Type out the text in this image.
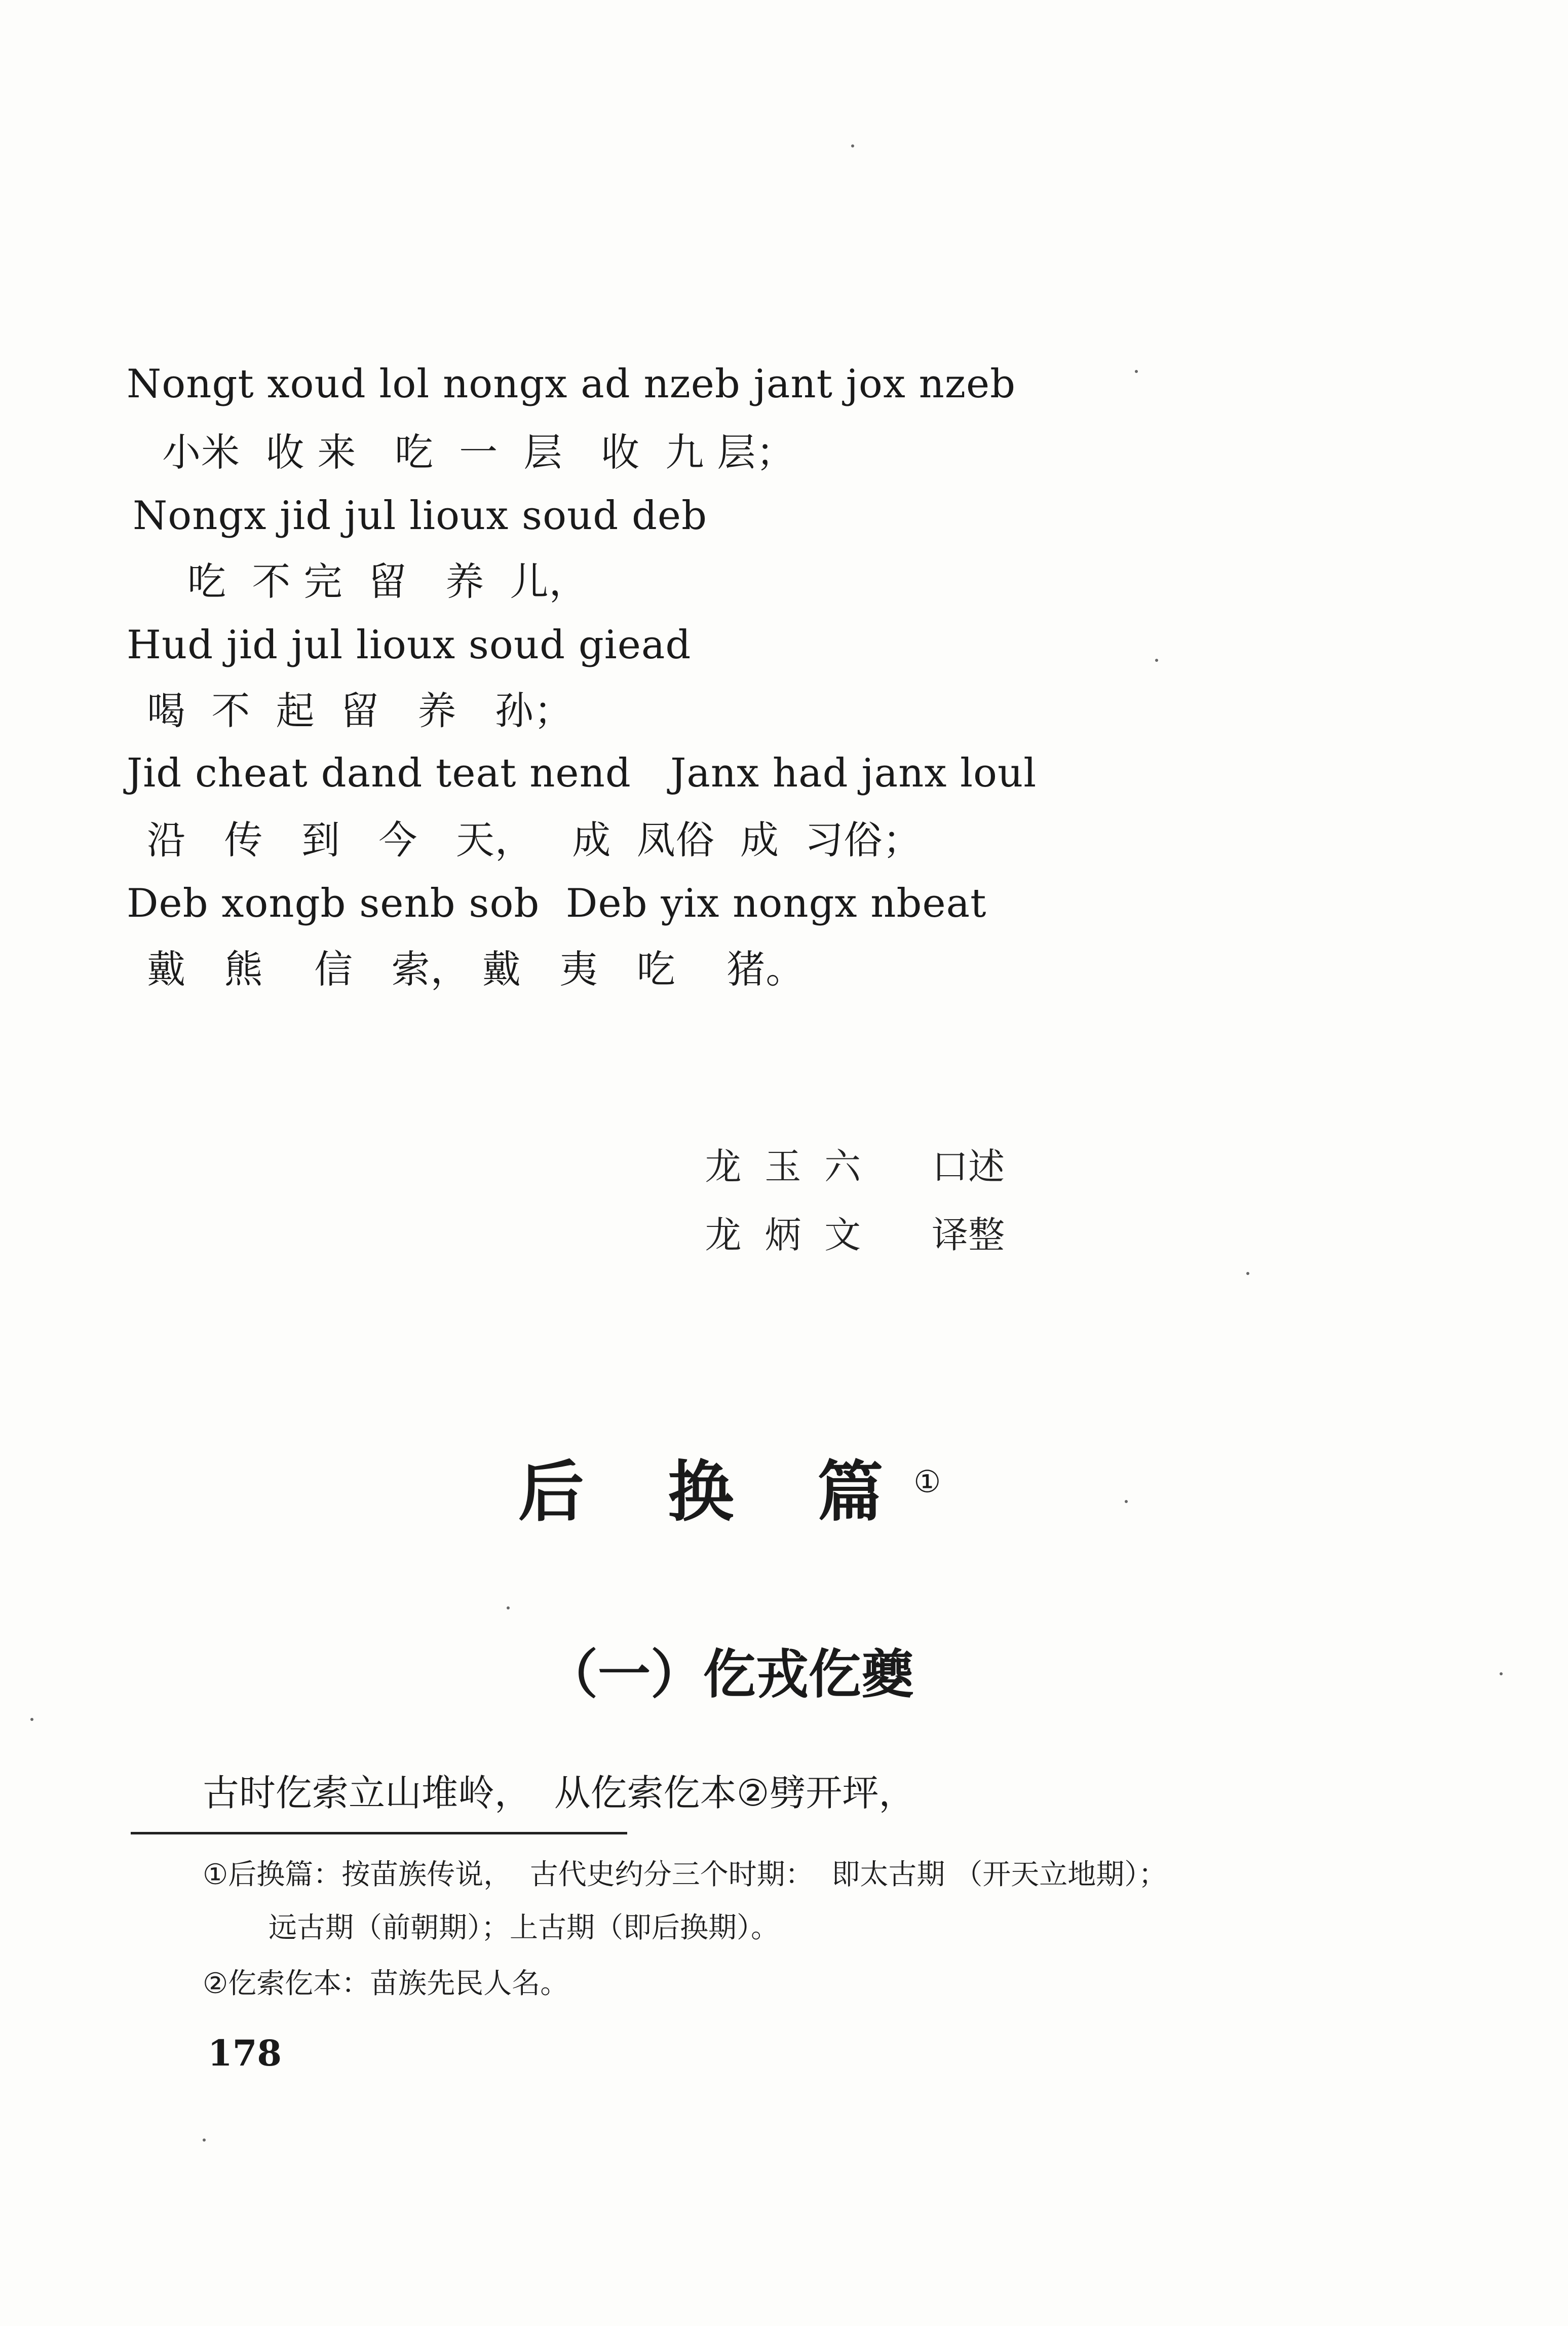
Nongt xoud lol nongx ad nzeb jant jox nzeb
小米  收 来   吃  一  层   收  九 层；
Nongx jid jul lioux soud deb
吃  不 完  留   养  儿，
Hud jid jul lioux soud giead
喝  不  起  留   养   孙；
Jid cheat dand teat nend   Janx had janx loul
沿   传   到   今   天，   成  凤俗  成  习俗；
Deb xongb senb sob  Deb yix nongx nbeat
戴   熊    信   索， 戴   夷   吃    猪。

龙  玉  六 口述

龙  炳  文 译整

后 换 篇①
（一）仡戎仡夔
古时仡索立山堆岭，  从仡索仡本②劈开坪，
①后换篇：按苗族传说，  古代史约分三个时期：  即太古期 （开天立地期）；
远古期（前朝期）；上古期（即后换期）。
②仡索仡本：苗族先民人名。
178
